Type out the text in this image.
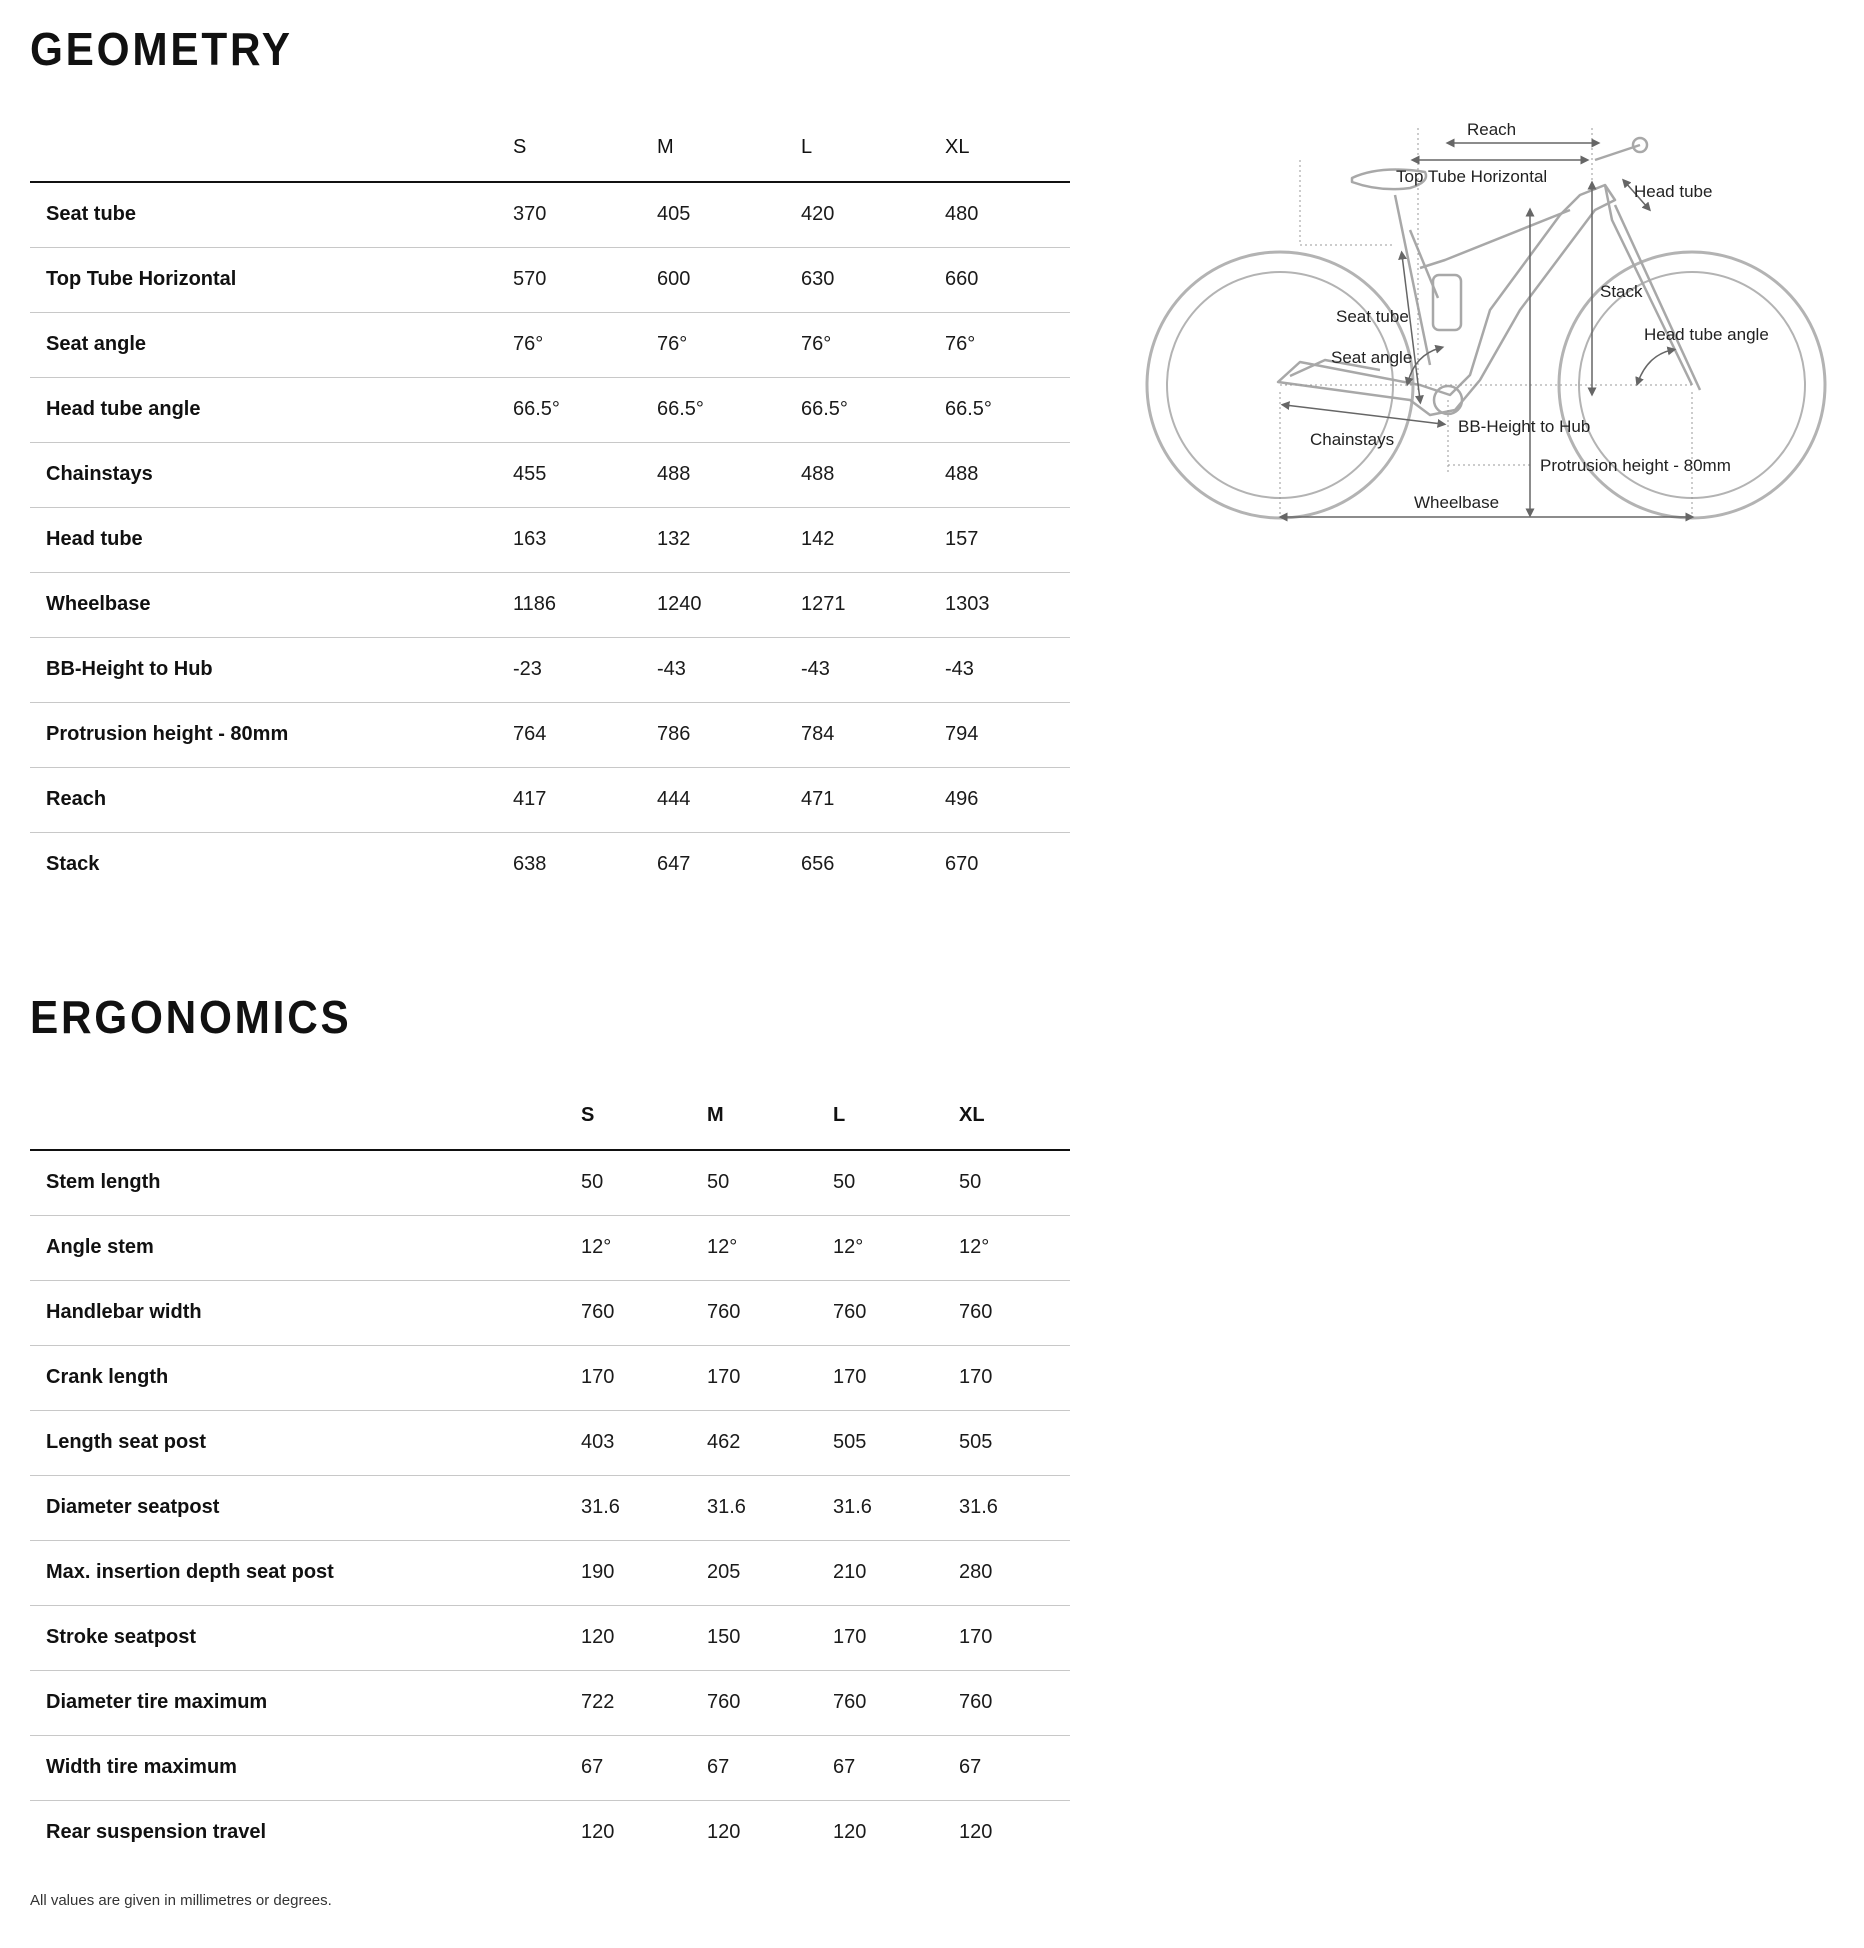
GEOMETRY
	S	M	L	XL
Seat tube	370	405	420	480
Top Tube Horizontal	570	600	630	660
Seat angle	76°	76°	76°	76°
Head tube angle	66.5°	66.5°	66.5°	66.5°
Chainstays	455	488	488	488
Head tube	163	132	142	157
Wheelbase	1186	1240	1271	1303
BB-Height to Hub	-23	-43	-43	-43
Protrusion height - 80mm	764	786	784	794
Reach	417	444	471	496
Stack	638	647	656	670
Reach
Top Tube Horizontal
Head tube
Stack
Seat tube
Head tube angle
Seat angle
Chainstays
BB-Height to Hub
Protrusion height - 80mm
Wheelbase
ERGONOMICS
	S	M	L	XL
Stem length	50	50	50	50
Angle stem	12°	12°	12°	12°
Handlebar width	760	760	760	760
Crank length	170	170	170	170
Length seat post	403	462	505	505
Diameter seatpost	31.6	31.6	31.6	31.6
Max. insertion depth seat post	190	205	210	280
Stroke seatpost	120	150	170	170
Diameter tire maximum	722	760	760	760
Width tire maximum	67	67	67	67
Rear suspension travel	120	120	120	120

All values are given in millimetres or degrees.
